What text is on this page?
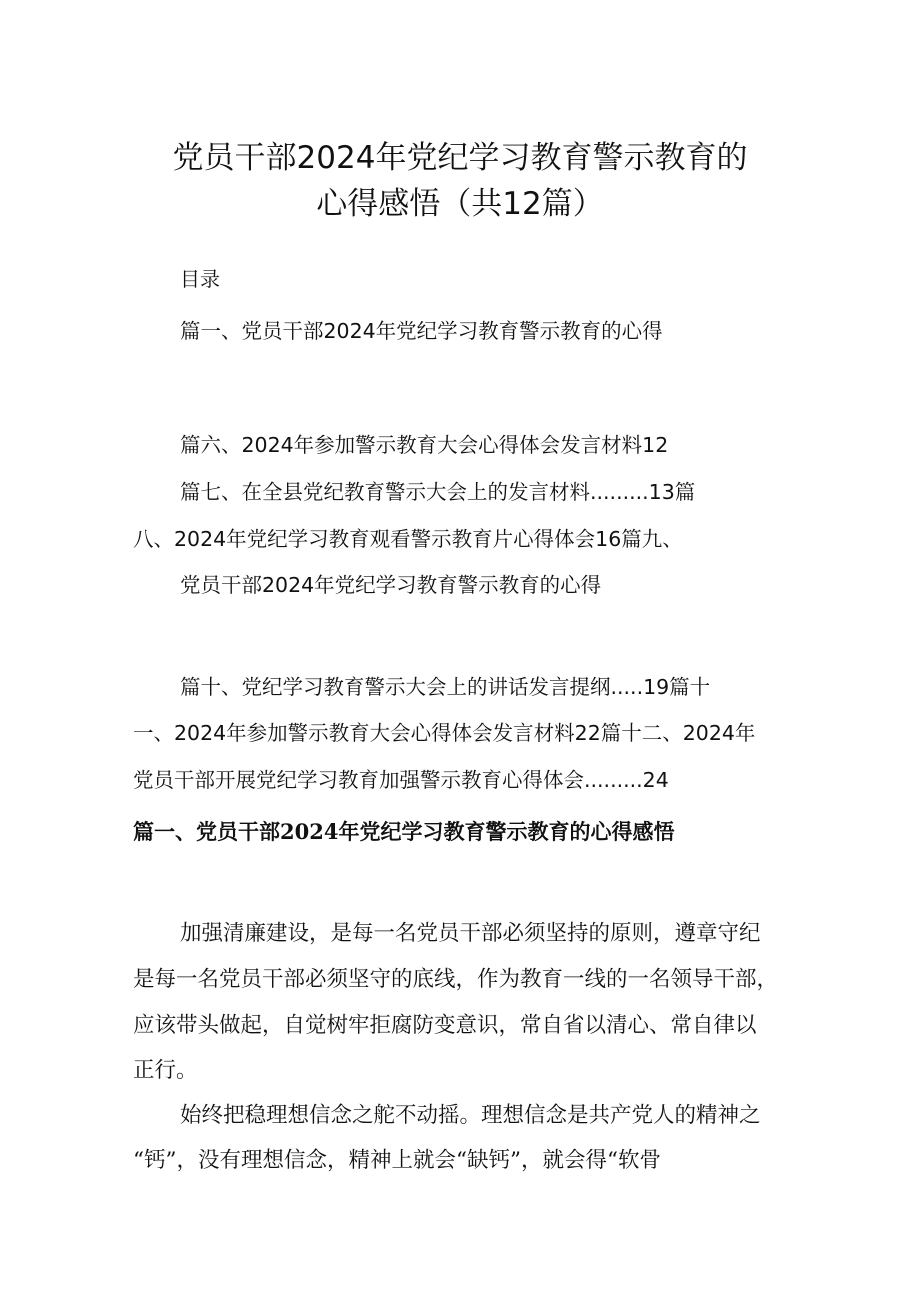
党员干部2024年党纪学习教育警示教育的
心得感悟（共12篇）
目录
篇一、党员干部2024年党纪学习教育警示教育的心得
篇六、2024年参加警示教育大会心得体会发言材料12
篇七、在全县党纪教育警示大会上的发言材料.........13篇
八、2024年党纪学习教育观看警示教育片心得体会16篇九、
党员干部2024年党纪学习教育警示教育的心得
篇十、党纪学习教育警示大会上的讲话发言提纲.....19篇十
一、2024年参加警示教育大会心得体会发言材料22篇十二、2024年
党员干部开展党纪学习教育加强警示教育心得体会.........24
篇一、党员干部2024年党纪学习教育警示教育的心得感悟
加强清廉建设，是每一名党员干部必须坚持的原则，遵章守纪
是每一名党员干部必须坚守的底线，作为教育一线的一名领导干部，
应该带头做起，自觉树牢拒腐防变意识，常自省以清心、常自律以
正行。
始终把稳理想信念之舵不动摇。理想信念是共产党人的精神之
“钙”，没有理想信念，精神上就会“缺钙”，就会得“软骨
